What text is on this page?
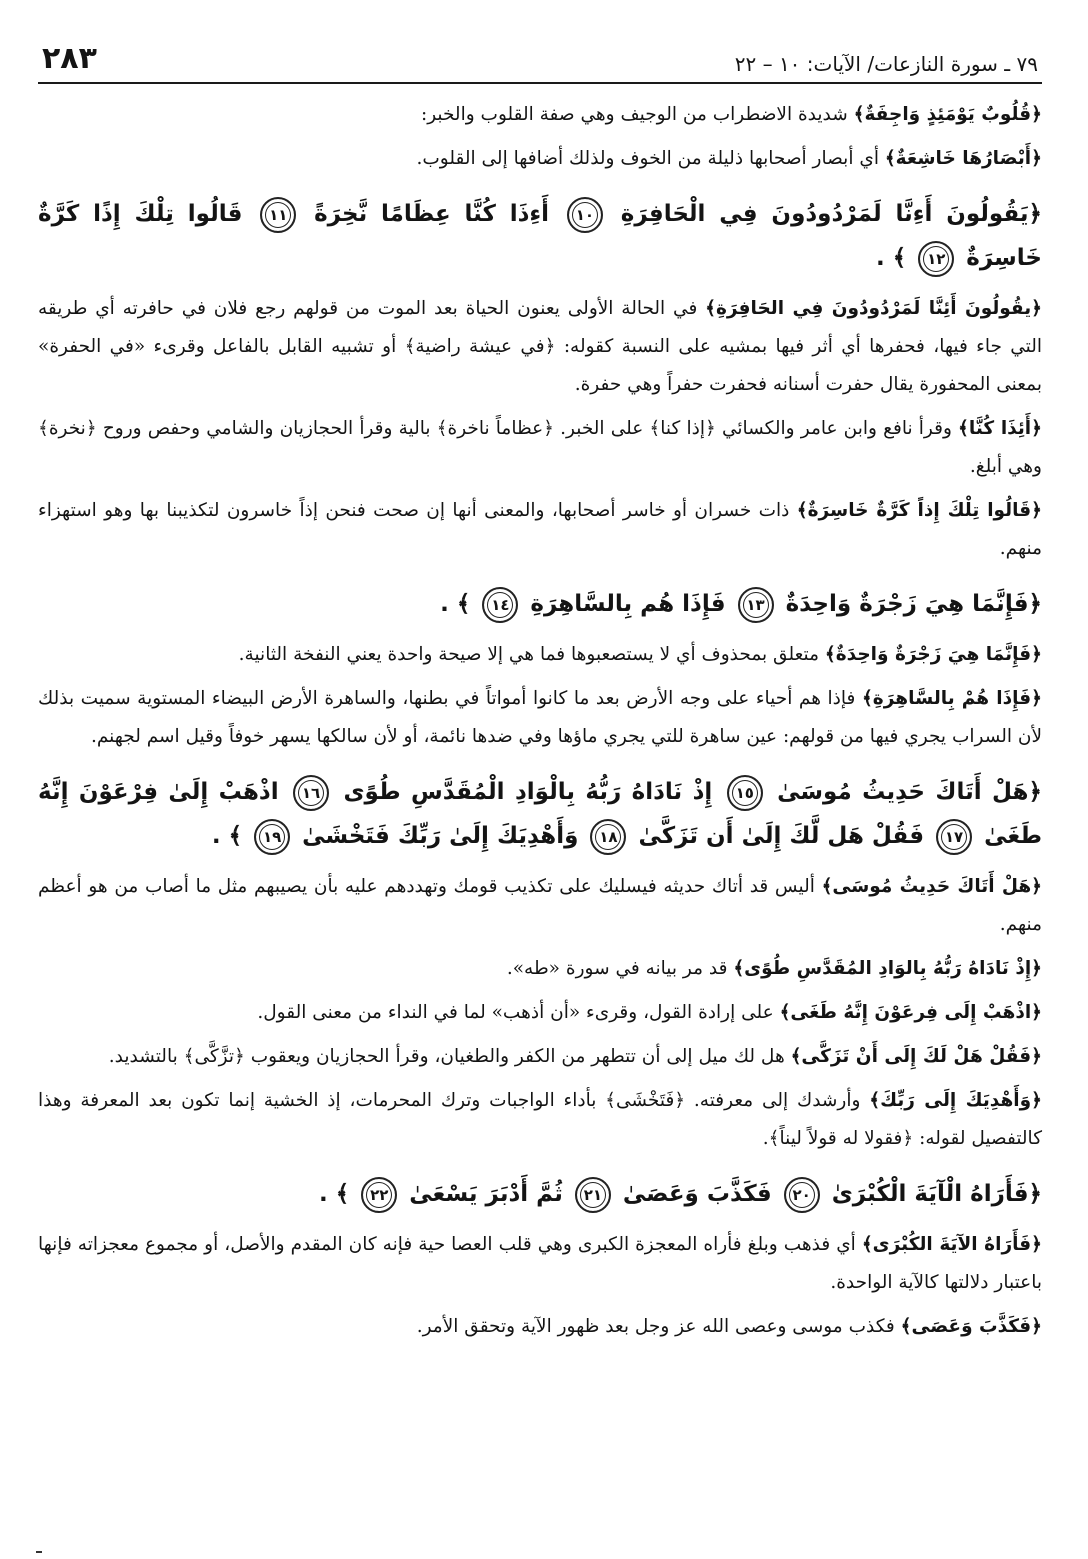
٧٩ ـ سورة النازعات/ الآيات: ١٠ – ٢٢
٢٨٣

﴿قُلُوبٌ يَوْمَئِذٍ وَاجِفَةٌ﴾ شديدة الاضطراب من الوجيف وهي صفة القلوب والخبر:

﴿أَبْصَارُهَا خَاشِعَةٌ﴾ أي أبصار أصحابها ذليلة من الخوف ولذلك أضافها إلى القلوب.

﴿يَقُولُونَ أَءِنَّا لَمَرْدُودُونَ فِي الْحَافِرَةِ ١٠ أَءِذَا كُنَّا عِظَامًا نَّخِرَةً ١١ قَالُوا تِلْكَ إِذًا كَرَّةٌ خَاسِرَةٌ ١٢ ﴾ .

﴿يقُولُونَ أَئِنَّا لَمَرْدُودُونَ فِي الحَافِرَةِ﴾ في الحالة الأولى يعنون الحياة بعد الموت من قولهم رجع فلان في حافرته أي طريقه التي جاء فيها، فحفرها أي أثر فيها بمشيه على النسبة كقوله: ﴿في عيشة راضية﴾ أو تشبيه القابل بالفاعل وقرىء «في الحفرة» بمعنى المحفورة يقال حفرت أسنانه فحفرت حفراً وهي حفرة.

﴿أَئِذَا كُنَّا﴾ وقرأ نافع وابن عامر والكسائي ﴿إذا كنا﴾ على الخبر. ﴿عظاماً ناخرة﴾ بالية وقرأ الحجازيان والشامي وحفص وروح ﴿نخرة﴾ وهي أبلغ.

﴿قَالُوا تِلْكَ إِذاً كَرَّةٌ خَاسِرَةٌ﴾ ذات خسران أو خاسر أصحابها، والمعنى أنها إن صحت فنحن إذاً خاسرون لتكذيبنا بها وهو استهزاء منهم.

﴿فَإِنَّمَا هِيَ زَجْرَةٌ وَاحِدَةٌ ١٣ فَإِذَا هُم بِالسَّاهِرَةِ ١٤ ﴾ .

﴿فَإِنَّمَا هِيَ زَجْرَةٌ وَاحِدَةٌ﴾ متعلق بمحذوف أي لا يستصعبوها فما هي إلا صيحة واحدة يعني النفخة الثانية.

﴿فَإِذَا هُمْ بِالسَّاهِرَةِ﴾ فإذا هم أحياء على وجه الأرض بعد ما كانوا أمواتاً في بطنها، والساهرة الأرض البيضاء المستوية سميت بذلك لأن السراب يجري فيها من قولهم: عين ساهرة للتي يجري ماؤها وفي ضدها نائمة، أو لأن سالكها يسهر خوفاً وقيل اسم لجهنم.

﴿هَلْ أَتَاكَ حَدِيثُ مُوسَىٰ ١٥ إِذْ نَادَاهُ رَبُّهُ بِالْوَادِ الْمُقَدَّسِ طُوًى ١٦ اذْهَبْ إِلَىٰ فِرْعَوْنَ إِنَّهُ طَغَىٰ ١٧ فَقُلْ هَل لَّكَ إِلَىٰ أَن تَزَكَّىٰ ١٨ وَأَهْدِيَكَ إِلَىٰ رَبِّكَ فَتَخْشَىٰ ١٩ ﴾ .

﴿هَلْ أَتَاكَ حَدِيثُ مُوسَى﴾ أليس قد أتاك حديثه فيسليك على تكذيب قومك وتهددهم عليه بأن يصيبهم مثل ما أصاب من هو أعظم منهم.

﴿إِذْ نَادَاهُ رَبُّهُ بِالوَادِ المُقَدَّسِ طُوًى﴾ قد مر بيانه في سورة «طه».

﴿اذْهَبْ إِلَى فِرعَوْنَ إِنَّهُ طَغَى﴾ على إرادة القول، وقرىء «أن أذهب» لما في النداء من معنى القول.

﴿فَقُلْ هَلْ لَكَ إِلَى أَنْ تَزَكَّى﴾ هل لك ميل إلى أن تتطهر من الكفر والطغيان، وقرأ الحجازيان ويعقوب ﴿تزَّكَّى﴾ بالتشديد.

﴿وَأَهْدِيَكَ إِلَى رَبِّكَ﴾ وأرشدك إلى معرفته. ﴿فَتَخْشَى﴾ بأداء الواجبات وترك المحرمات، إذ الخشية إنما تكون بعد المعرفة وهذا كالتفصيل لقوله: ﴿فقولا له قولاً ليناً﴾.

﴿فَأَرَاهُ الْآيَةَ الْكُبْرَىٰ ٢٠ فَكَذَّبَ وَعَصَىٰ ٢١ ثُمَّ أَدْبَرَ يَسْعَىٰ ٢٢ ﴾ .

﴿فَأَرَاهُ الآيَةَ الكُبْرَى﴾ أي فذهب وبلغ فأراه المعجزة الكبرى وهي قلب العصا حية فإنه كان المقدم والأصل، أو مجموع معجزاته فإنها باعتبار دلالتها كالآية الواحدة.

﴿فَكَذَّبَ وَعَصَى﴾ فكذب موسى وعصى الله عز وجل بعد ظهور الآية وتحقق الأمر.
